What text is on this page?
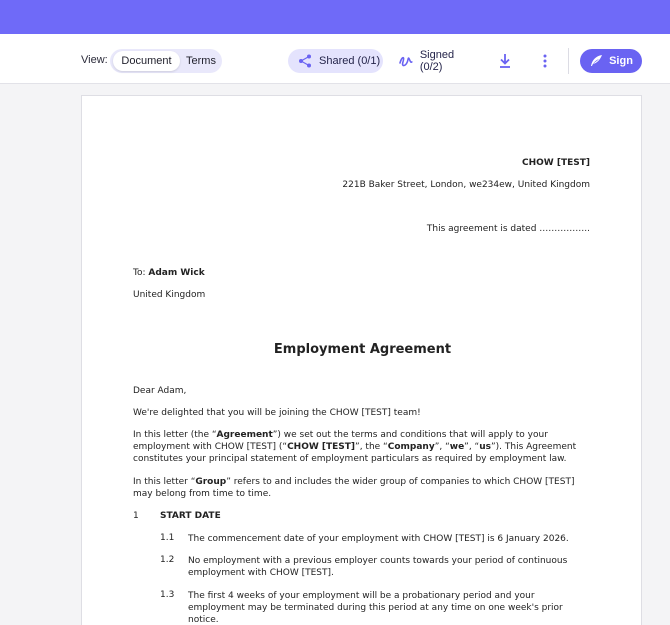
View:	Document	Terms	Shared (0/1)	Signed (0/2)	Sign
CHOW [TEST]
221B Baker Street, London, we234ew, United Kingdom
This agreement is dated ……………..
To: Adam Wick
United Kingdom
Employment Agreement
Dear Adam,
We're delighted that you will be joining the CHOW [TEST] team!
In this letter (the “Agreement”) we set out the terms and conditions that will apply to your employment with CHOW [TEST] (“CHOW [TEST]”, the “Company”, “we”, “us”). This Agreement constitutes your principal statement of employment particulars as required by employment law.
In this letter “Group” refers to and includes the wider group of companies to which CHOW [TEST] may belong from time to time.
1 START DATE
1.1 The commencement date of your employment with CHOW [TEST] is 6 January 2026.
1.2 No employment with a previous employer counts towards your period of continuous employment with CHOW [TEST].
1.3 The first 4 weeks of your employment will be a probationary period and your employment may be terminated during this period at any time on one week's prior notice.
